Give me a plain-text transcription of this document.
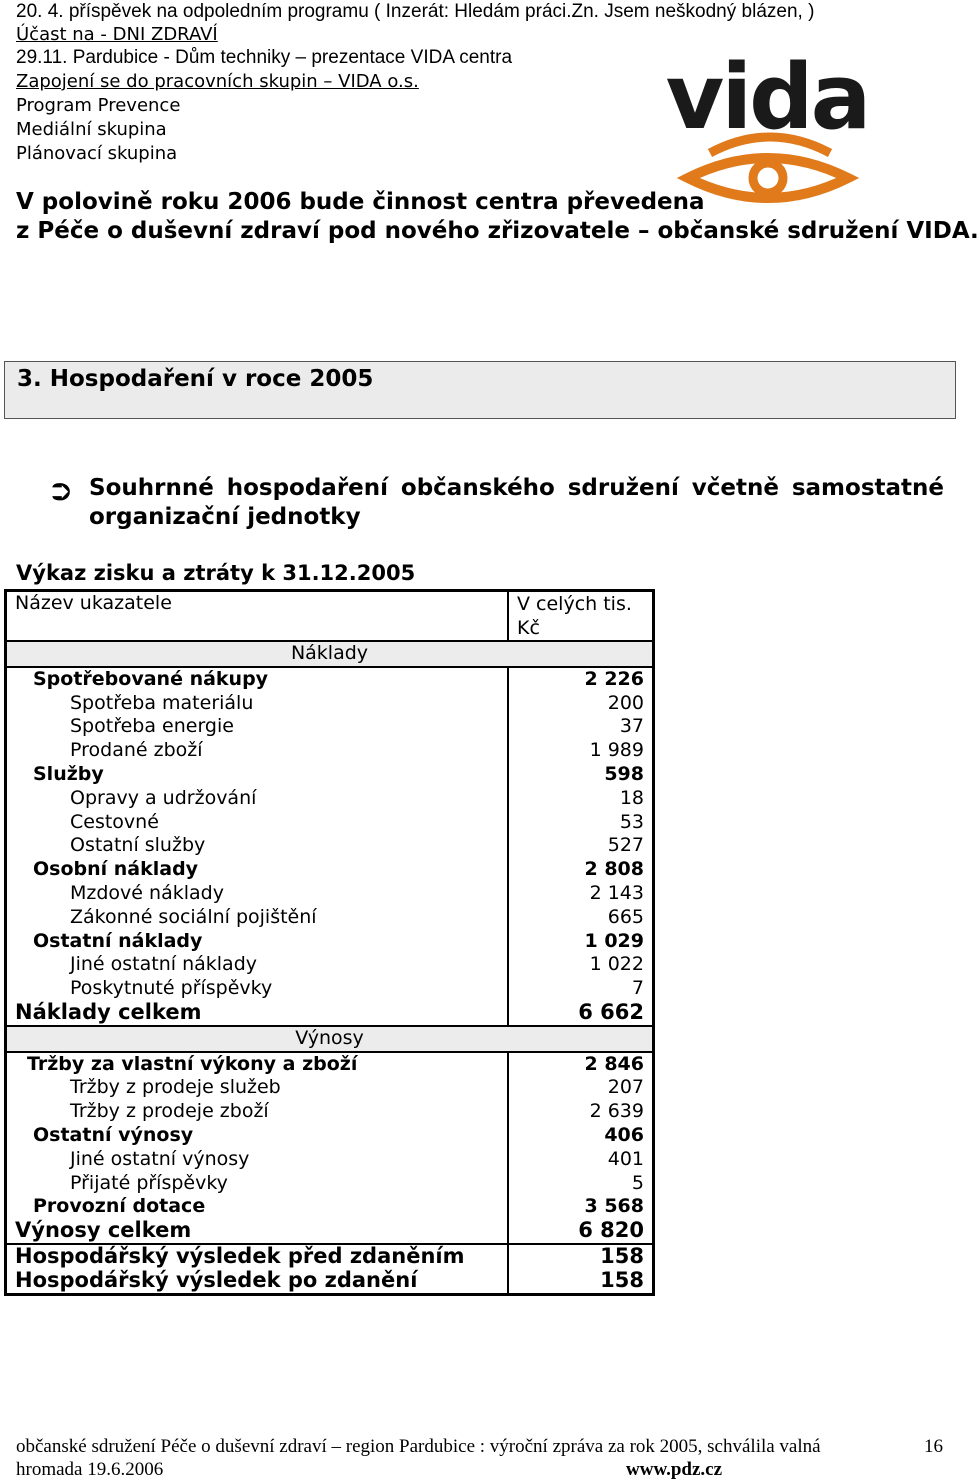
20. 4. příspěvek na odpoledním programu ( Inzerát: Hledám práci.Zn. Jsem neškodný blázen, )
Účast na - DNI ZDRAVÍ
29.11. Pardubice - Dům techniky – prezentace VIDA centra
Zapojení se do pracovních skupin – VIDA o.s.
Program Prevence
Mediální skupina
Plánovací skupina
vida
V polovině roku 2006 bude činnost centra převedena
z Péče o duševní zdraví pod nového zřizovatele – občanské sdružení VIDA.
3. Hospodaření v roce 2005
⮊ Souhrnné hospodaření občanského sdružení včetně samostatné
organizační jednotky
Výkaz zisku a ztráty k 31.12.2005
Název ukazatele	V celých tis.
Kč

Náklady	
Spotřebované nákupy	2 226
Spotřeba materiálu	200
Spotřeba energie	37
Prodané zboží	1 989
Služby	598
Opravy a udržování	18
Cestovné	53
Ostatní služby	527
Osobní náklady	2 808
Mzdové náklady	2 143
Zákonné sociální pojištění	665
Ostatní náklady	1 029
Jiné ostatní náklady	1 022
Poskytnuté příspěvky	7
Náklady celkem	6 662
Výnosy	
Tržby za vlastní výkony a zboží	2 846
Tržby z prodeje služeb	207
Tržby z prodeje zboží	2 639
Ostatní výnosy	406
Jiné ostatní výnosy	401
Přijaté příspěvky	5
Provozní dotace	3 568
Výnosy celkem	6 820
Hospodářský výsledek před zdaněním	158
Hospodářský výsledek po zdanění	158
občanské sdružení Péče o duševní zdraví – region Pardubice : výroční zpráva za rok 2005, schválila valná
hromada 19.6.2006	www.pdz.cz
16
